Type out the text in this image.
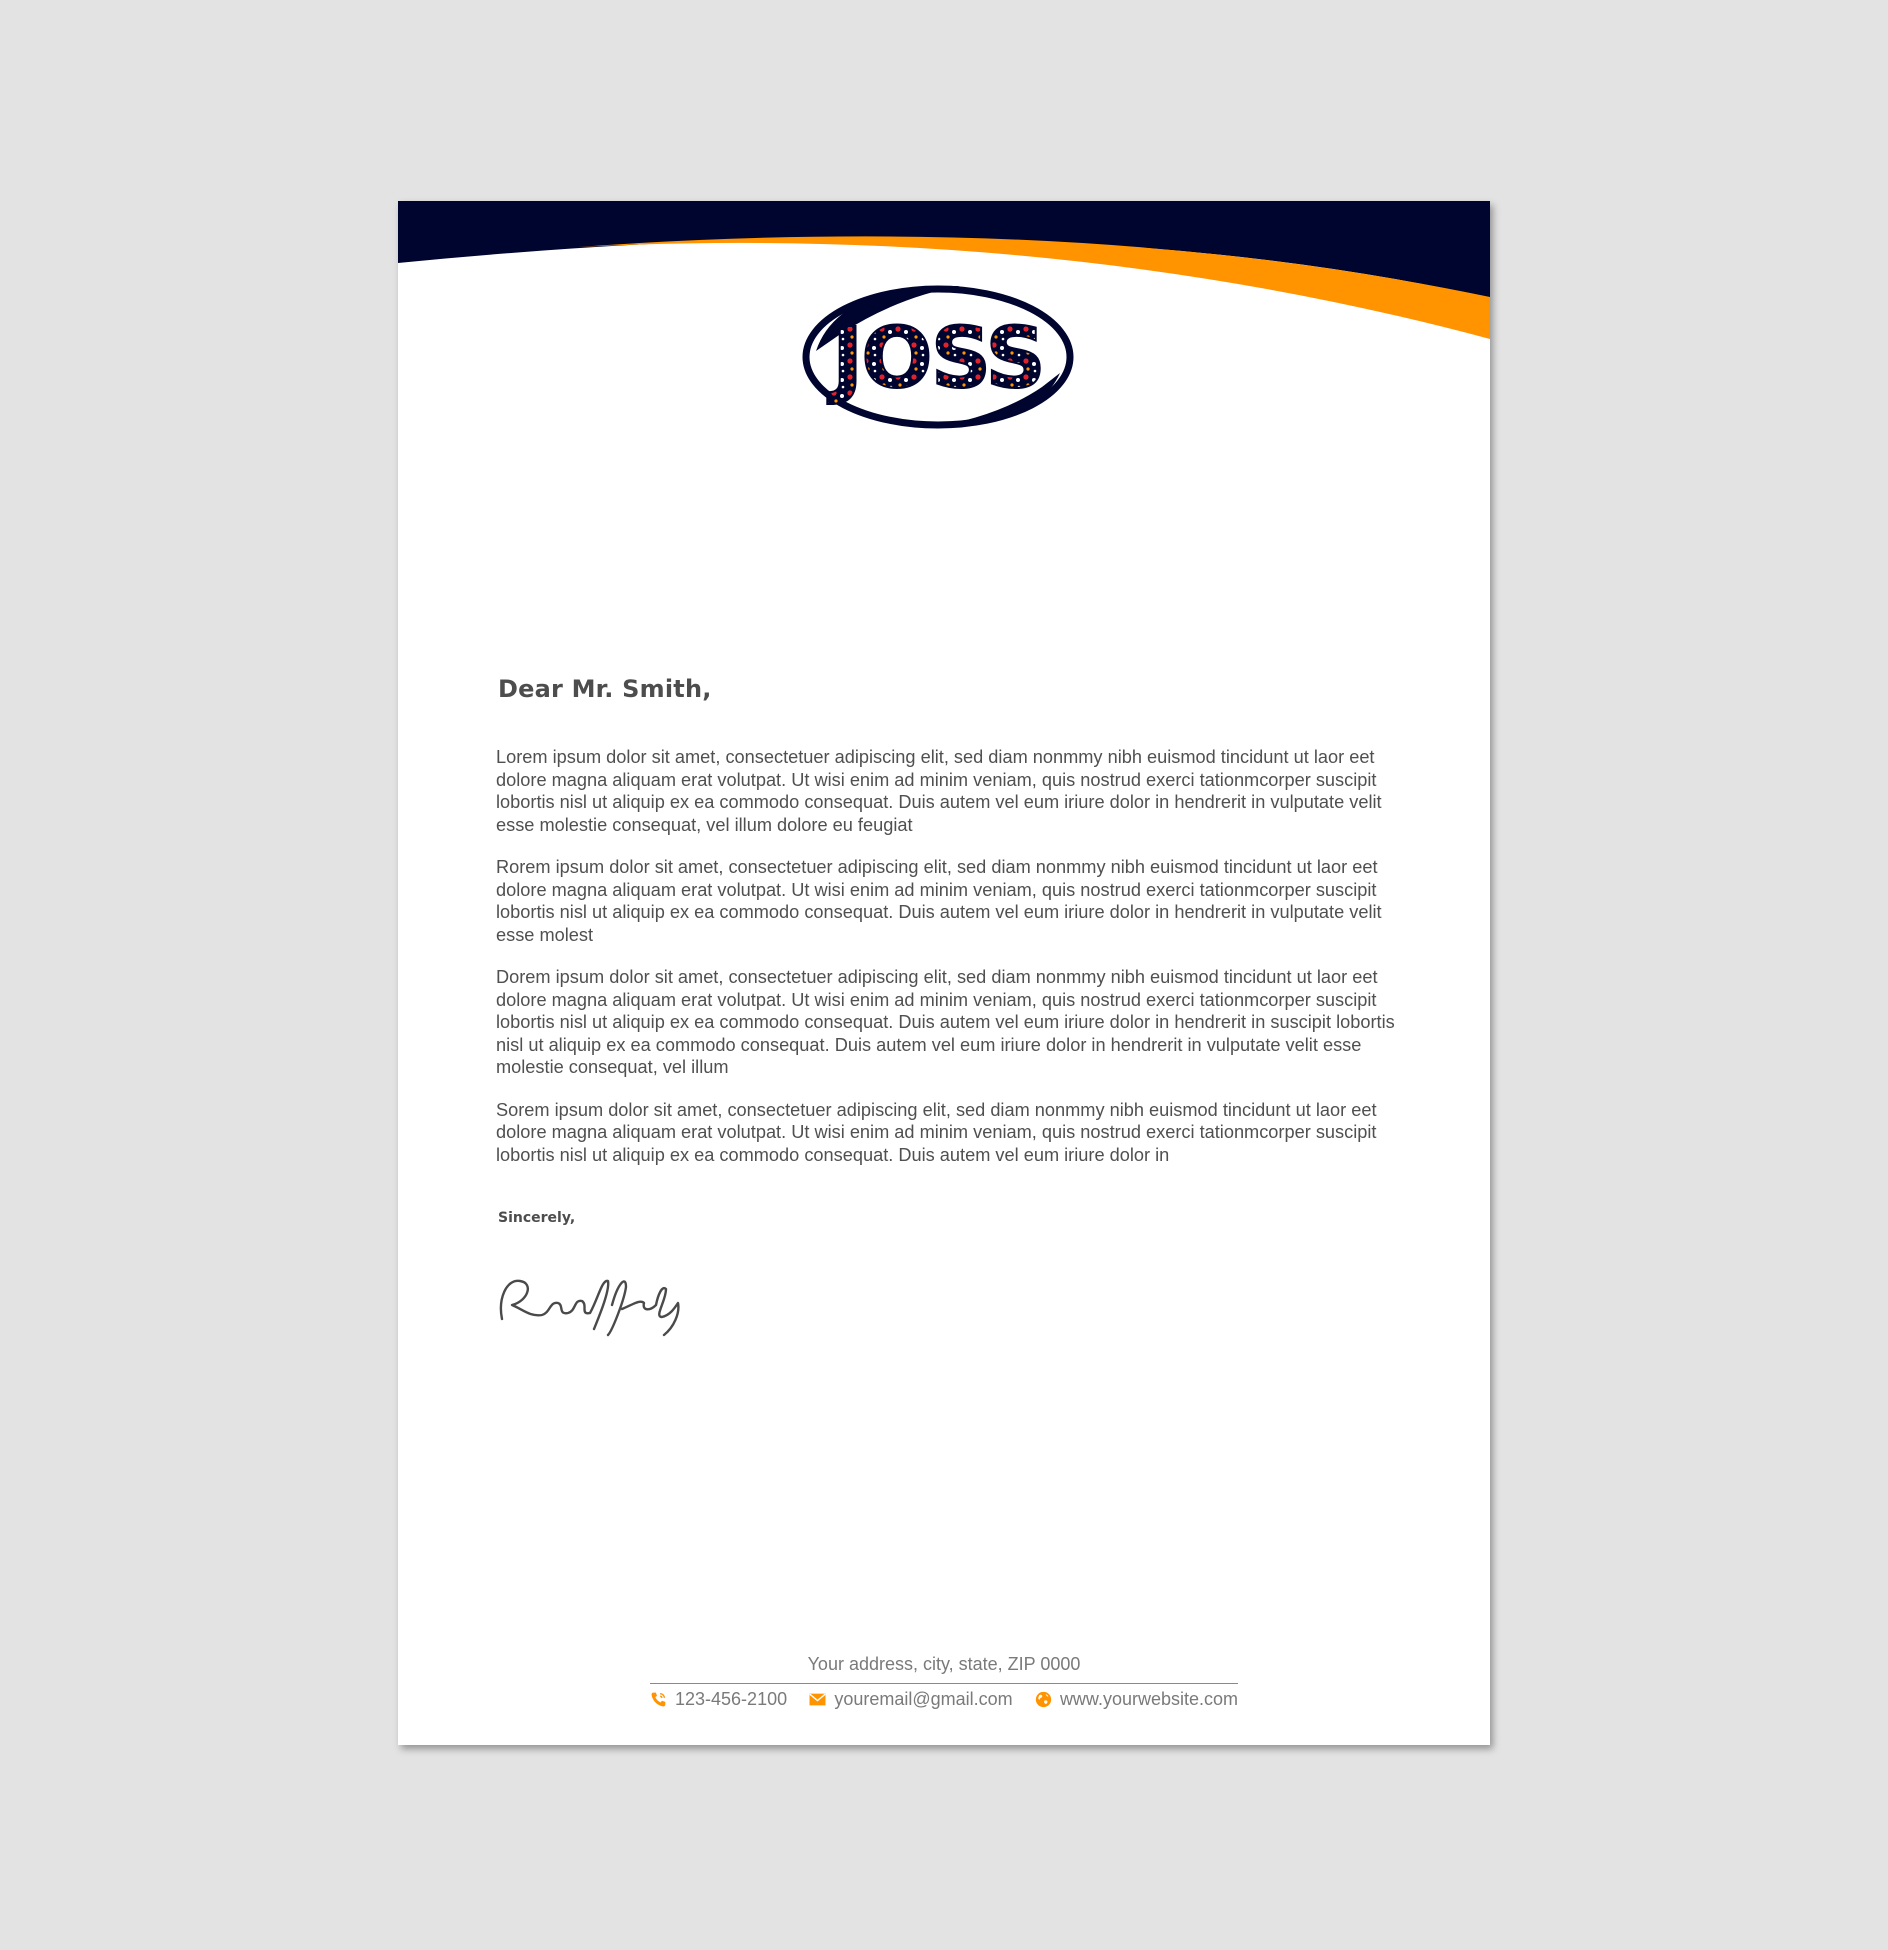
JOSS
Dear Mr. Smith,

Lorem ipsum dolor sit amet, consectetuer adipiscing elit, sed diam nonmmy nibh euismod tincidunt ut laor eet dolore magna aliquam erat volutpat. Ut wisi enim ad minim veniam, quis nostrud exerci tationmcorper suscipit lobortis nisl ut aliquip ex ea commodo consequat. Duis autem vel eum iriure dolor in hendrerit in vulputate velit esse molestie consequat, vel illum dolore eu feugiat

Rorem ipsum dolor sit amet, consectetuer adipiscing elit, sed diam nonmmy nibh euismod tincidunt ut laor eet dolore magna aliquam erat volutpat. Ut wisi enim ad minim veniam, quis nostrud exerci tationmcorper suscipit lobortis nisl ut aliquip ex ea commodo consequat. Duis autem vel eum iriure dolor in hendrerit in vulputate velit esse molest

Dorem ipsum dolor sit amet, consectetuer adipiscing elit, sed diam nonmmy nibh euismod tincidunt ut laor eet dolore magna aliquam erat volutpat. Ut wisi enim ad minim veniam, quis nostrud exerci tationmcorper suscipit lobortis nisl ut aliquip ex ea commodo consequat. Duis autem vel eum iriure dolor in hendrerit in suscipit lobortis nisl ut aliquip ex ea commodo consequat. Duis autem vel eum iriure dolor in hendrerit in vulputate velit esse molestie consequat, vel illum

Sorem ipsum dolor sit amet, consectetuer adipiscing elit, sed diam nonmmy nibh euismod tincidunt ut laor eet dolore magna aliquam erat volutpat. Ut wisi enim ad minim veniam, quis nostrud exerci tationmcorper suscipit lobortis nisl ut aliquip ex ea commodo consequat. Duis autem vel eum iriure dolor in

Sincerely,
Your address, city, state, ZIP 0000
123-456-2100	youremail@gmail.com	www.yourwebsite.com
